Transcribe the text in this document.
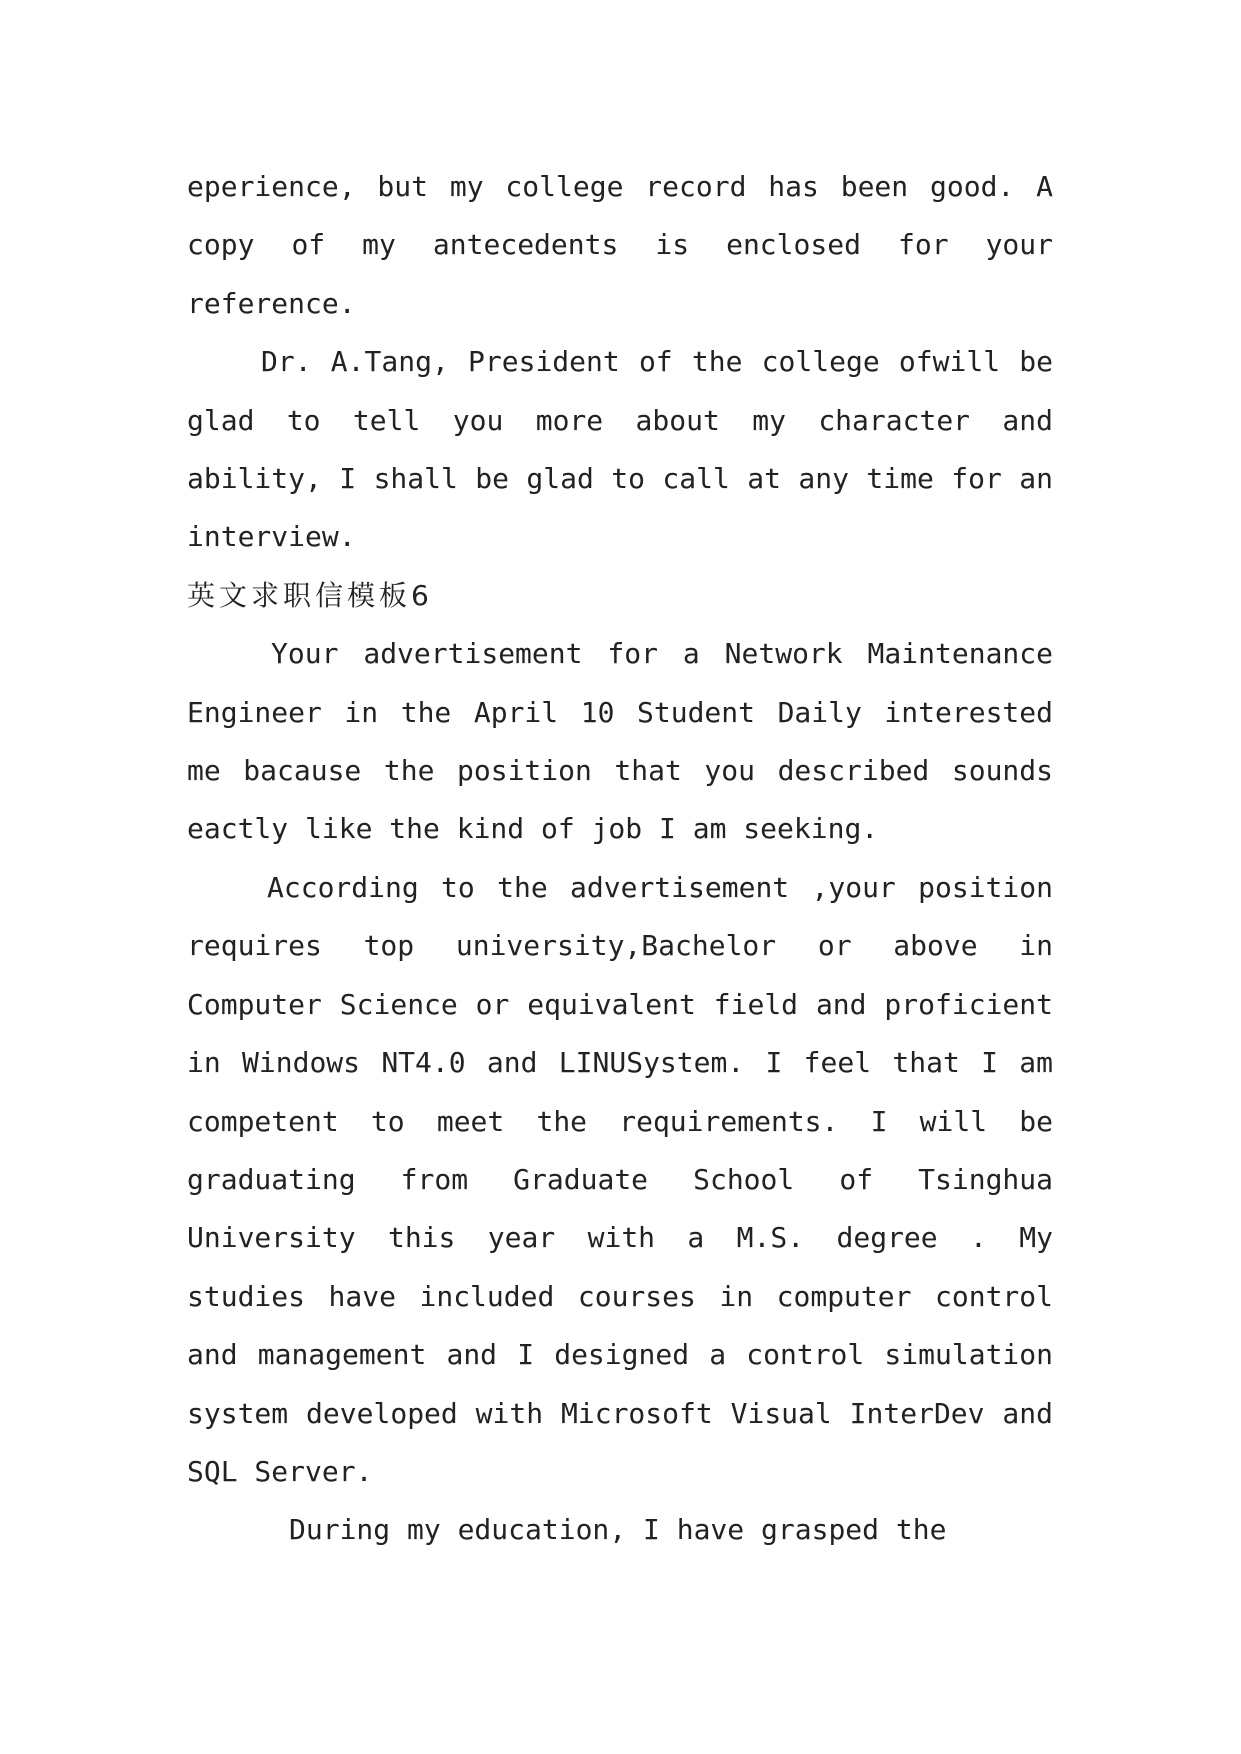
eperience, but my college record has been good. A copy of my antecedents is enclosed for your reference.

Dr. A.Tang, President of the college ofwill be glad to tell you more about my character and ability, I shall be glad to call at any time for an interview.

英文求职信模板6

Your advertisement for a Network Maintenance Engineer in the April 10 Student Daily interested me bacause the position that you described sounds eactly like the kind of job I am seeking.

According to the advertisement ,your position requires top university,Bachelor or above in Computer Science or equivalent field and proficient in Windows NT4.0 and LINUSystem. I feel that I am competent to meet the requirements. I will be graduating from Graduate School of Tsinghua University this year with a M.S. degree . My studies have included courses in computer control and management and I designed a control simulation system developed with Microsoft Visual InterDev and SQL Server.

During my education, I have grasped the
